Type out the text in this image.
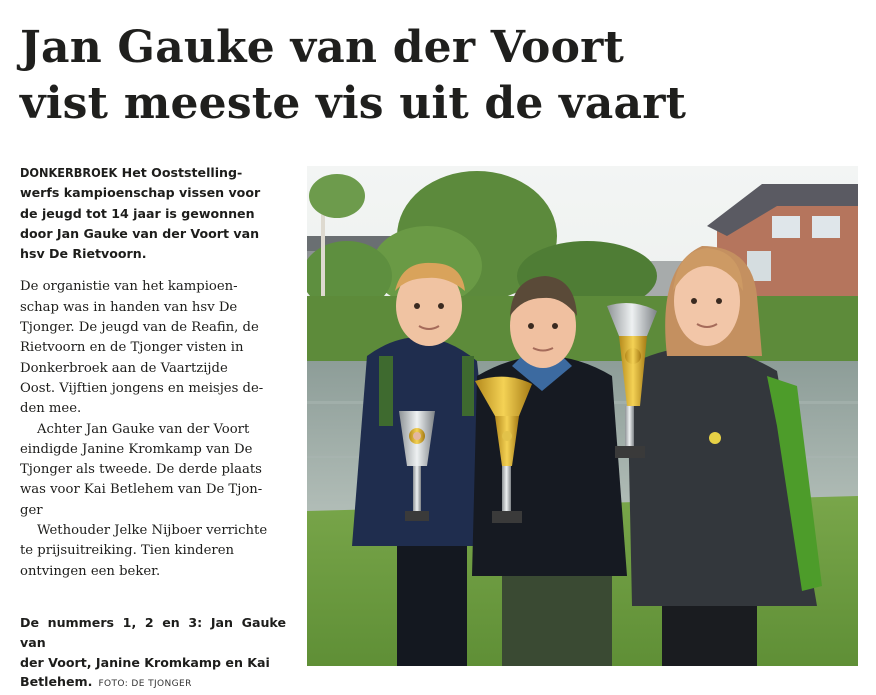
Jan Gauke van der Voort
vist meeste vis uit de vaart

DONKERBROEK Het Ooststelling-
werfs kampioenschap vissen voor
de jeugd tot 14 jaar is gewonnen
door Jan Gauke van der Voort van
hsv De Rietvoorn.

De organistie van het kampioen-
schap was in handen van hsv De
Tjonger. De jeugd van de Reafin, de
Rietvoorn en de Tjonger visten in
Donkerbroek aan de Vaartzijde
Oost. Vijftien jongens en meisjes de-
den mee.

Achter Jan Gauke van der Voort
eindigde Janine Kromkamp van De
Tjonger als tweede. De derde plaats
was voor Kai Betlehem van De Tjon-
ger

Wethouder Jelke Nijboer verrichte
te prijsuitreiking. Tien kinderen
ontvingen een beker.

De nummers 1, 2 en 3: Jan Gauke van
der Voort, Janine Kromkamp en Kai
Betlehem. FOTO: DE TJONGER
